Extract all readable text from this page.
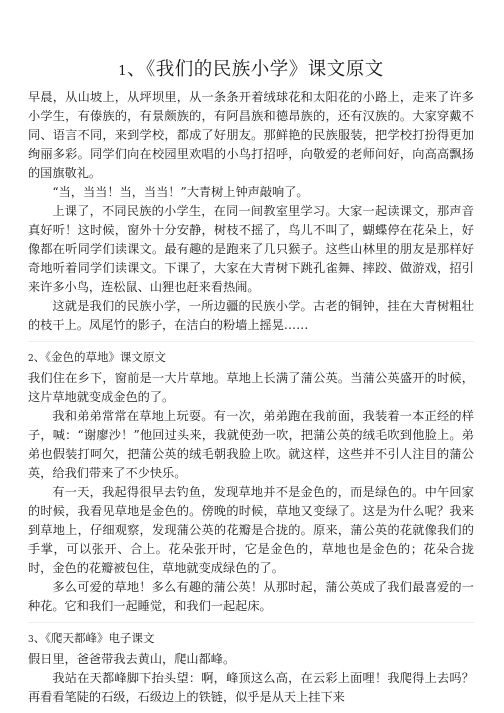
1、《我们的民族小学》课文原文

早晨，从山坡上，从坪坝里，从一条条开着绒球花和太阳花的小路上，走来了许多小学生，有傣族的，有景颇族的，有阿昌族和德昂族的，还有汉族的。大家穿戴不同、语言不同，来到学校，都成了好朋友。那鲜艳的民族服装，把学校打扮得更加绚丽多彩。同学们向在校园里欢唱的小鸟打招呼，向敬爱的老师问好，向高高飘扬的国旗敬礼。

“当，当当！当，当当！”大青树上钟声敲响了。

上课了，不同民族的小学生，在同一间教室里学习。大家一起读课文，那声音真好听！这时候，窗外十分安静，树枝不摇了，鸟儿不叫了，蝴蝶停在花朵上，好像都在听同学们读课文。最有趣的是跑来了几只猴子。这些山林里的朋友是那样好奇地听着同学们读课文。下课了，大家在大青树下跳孔雀舞、摔跤、做游戏，招引来许多小鸟，连松鼠、山狸也赶来看热闹。

这就是我们的民族小学，一所边疆的民族小学。古老的铜钟，挂在大青树粗壮的枝干上。凤尾竹的影子，在洁白的粉墙上摇晃……

2、《金色的草地》课文原文

我们住在乡下，窗前是一大片草地。草地上长满了蒲公英。当蒲公英盛开的时候，这片草地就变成金色的了。

我和弟弟常常在草地上玩耍。有一次，弟弟跑在我前面，我装着一本正经的样子，喊：“谢廖沙！”他回过头来，我就使劲一吹，把蒲公英的绒毛吹到他脸上。弟弟也假装打呵欠，把蒲公英的绒毛朝我脸上吹。就这样，这些并不引人注目的蒲公英，给我们带来了不少快乐。

有一天，我起得很早去钓鱼，发现草地并不是金色的，而是绿色的。中午回家的时候，我看见草地是金色的。傍晚的时候，草地又变绿了。这是为什么呢？我来到草地上，仔细观察，发现蒲公英的花瓣是合拢的。原来，蒲公英的花就像我们的手掌，可以张开、合上。花朵张开时，它是金色的，草地也是金色的；花朵合拢时，金色的花瓣被包住，草地就变成绿色的了。

多么可爱的草地！多么有趣的蒲公英！从那时起，蒲公英成了我们最喜爱的一种花。它和我们一起睡觉，和我们一起起床。

3、《爬天都峰》电子课文

假日里，爸爸带我去黄山，爬山都峰。

我站在天都峰脚下抬头望：啊，峰顶这么高，在云彩上面哩！我爬得上去吗？再看看笔陡的石级，石级边上的铁链，似乎是从天上挂下来
